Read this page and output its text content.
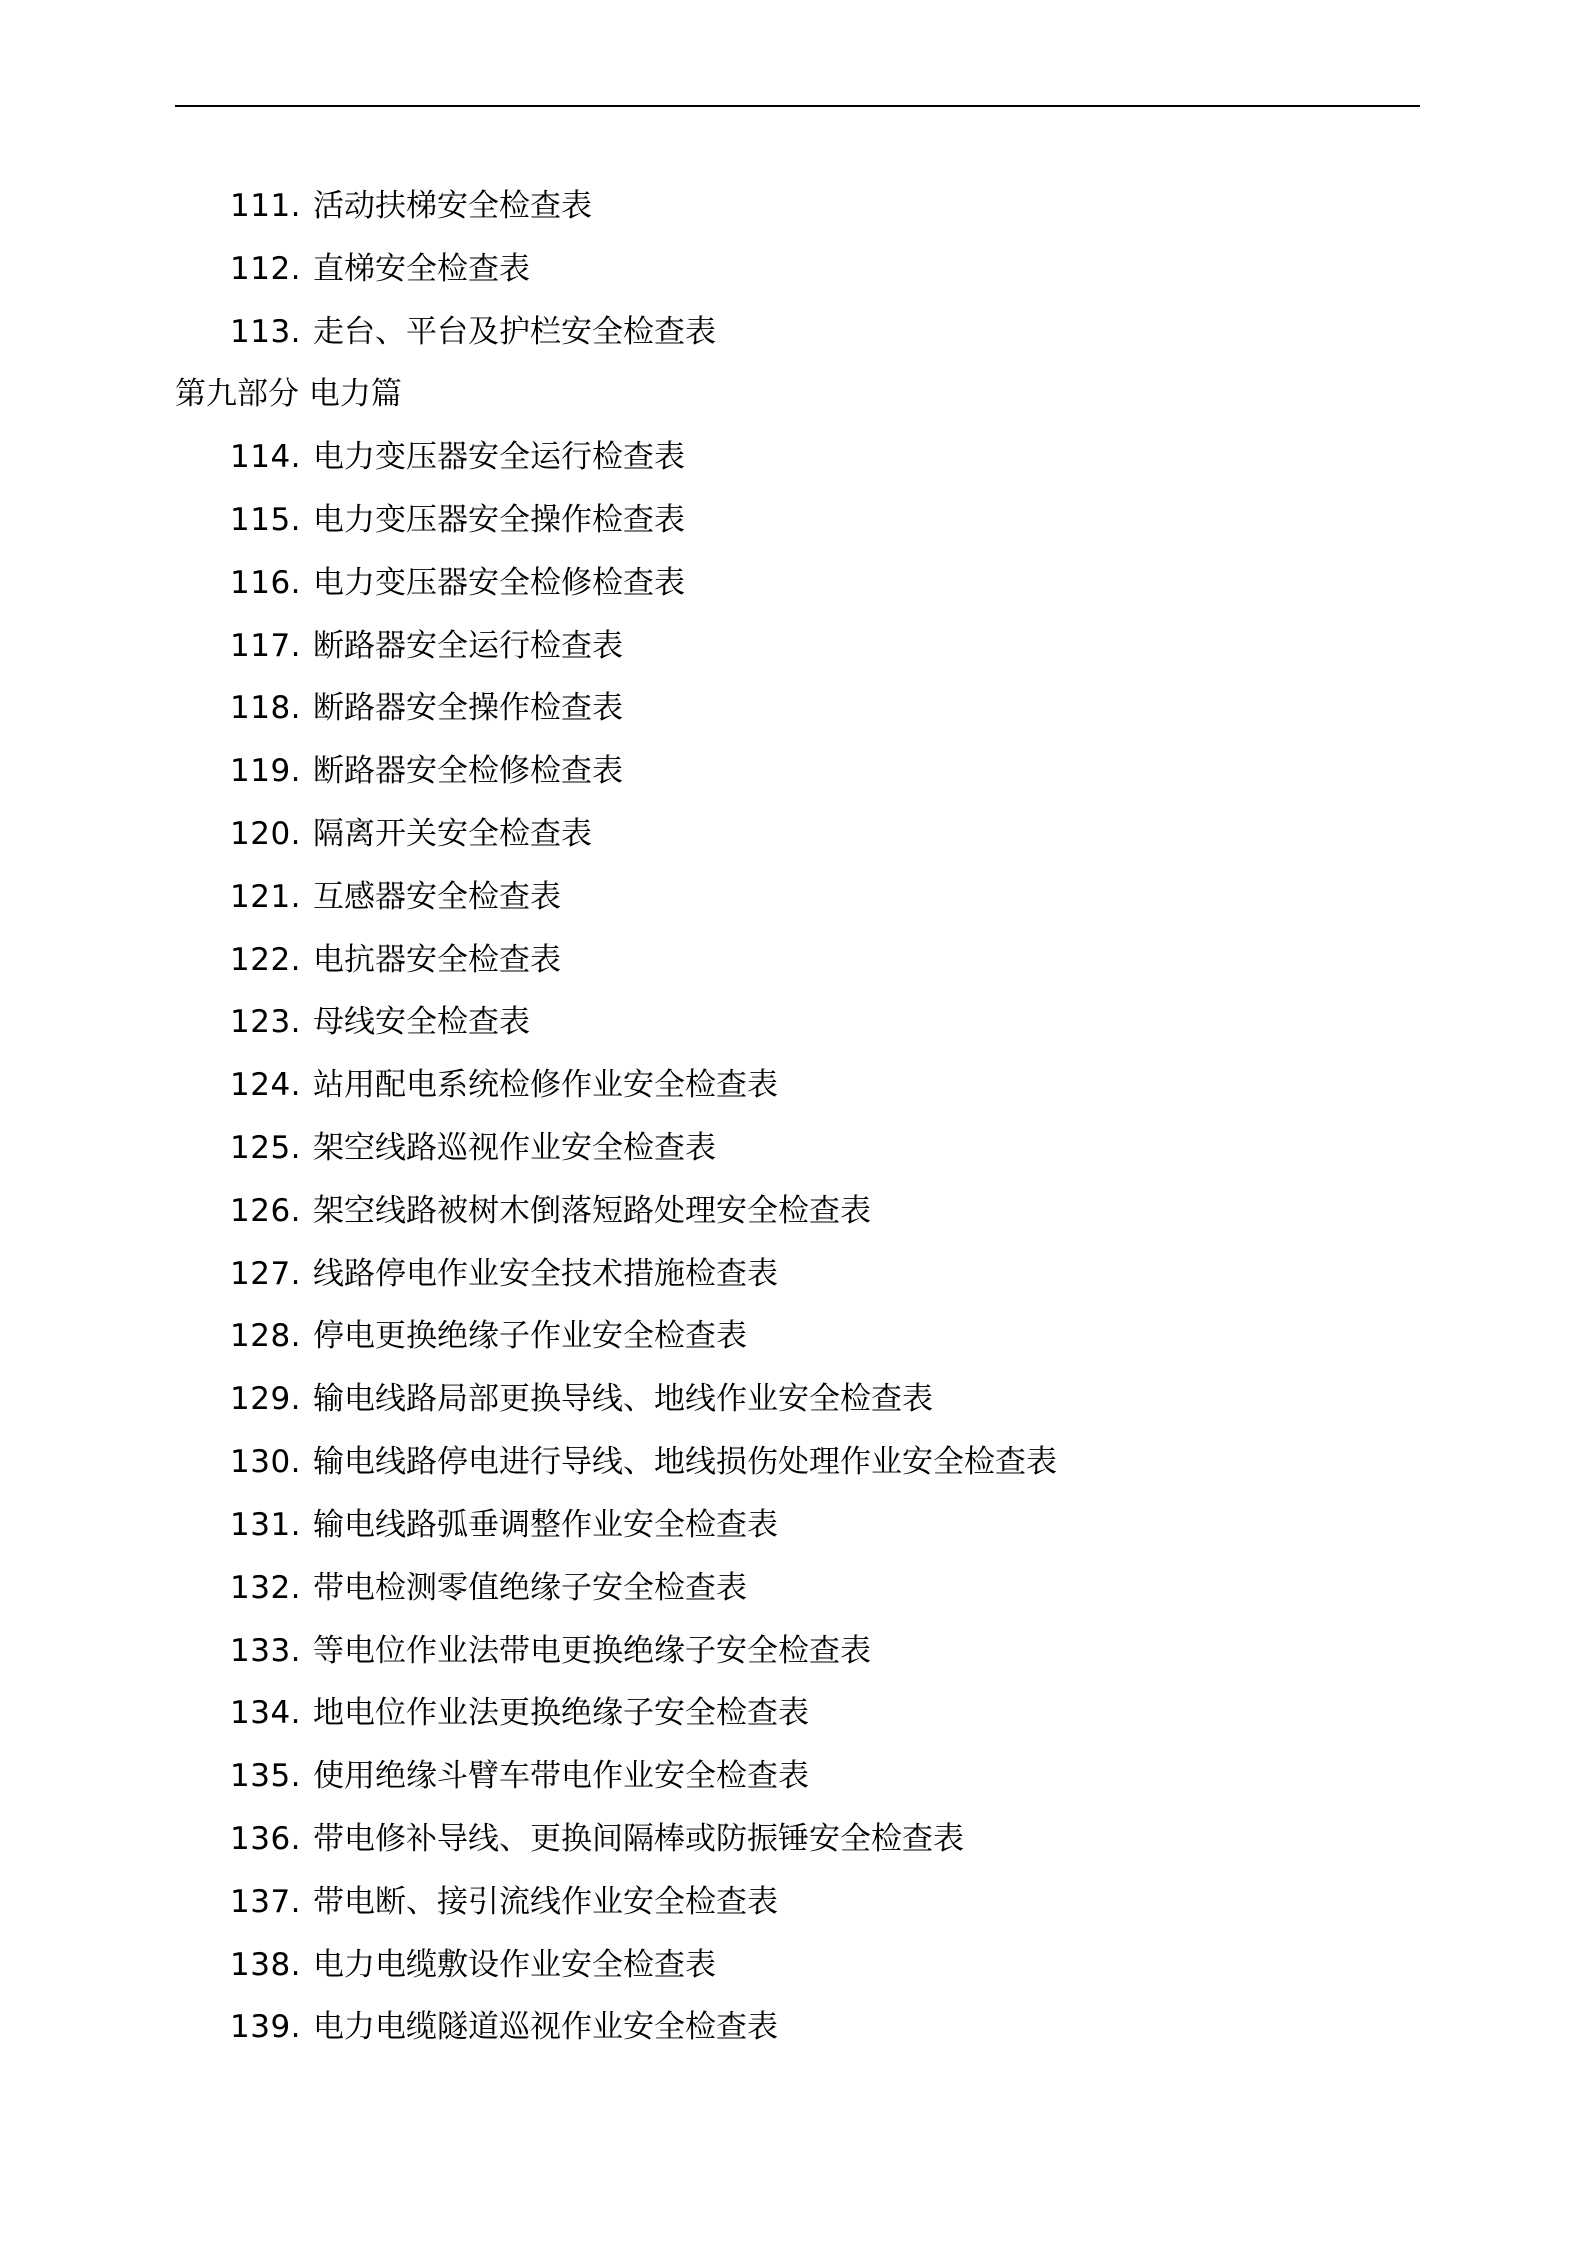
111. 活动扶梯安全检查表
112. 直梯安全检查表
113. 走台、平台及护栏安全检查表
第九部分 电力篇
114. 电力变压器安全运行检查表
115. 电力变压器安全操作检查表
116. 电力变压器安全检修检查表
117. 断路器安全运行检查表
118. 断路器安全操作检查表
119. 断路器安全检修检查表
120. 隔离开关安全检查表
121. 互感器安全检查表
122. 电抗器安全检查表
123. 母线安全检查表
124. 站用配电系统检修作业安全检查表
125. 架空线路巡视作业安全检查表
126. 架空线路被树木倒落短路处理安全检查表
127. 线路停电作业安全技术措施检查表
128. 停电更换绝缘子作业安全检查表
129. 输电线路局部更换导线、地线作业安全检查表
130. 输电线路停电进行导线、地线损伤处理作业安全检查表
131. 输电线路弧垂调整作业安全检查表
132. 带电检测零值绝缘子安全检查表
133. 等电位作业法带电更换绝缘子安全检查表
134. 地电位作业法更换绝缘子安全检查表
135. 使用绝缘斗臂车带电作业安全检查表
136. 带电修补导线、更换间隔棒或防振锤安全检查表
137. 带电断、接引流线作业安全检查表
138. 电力电缆敷设作业安全检查表
139. 电力电缆隧道巡视作业安全检查表
